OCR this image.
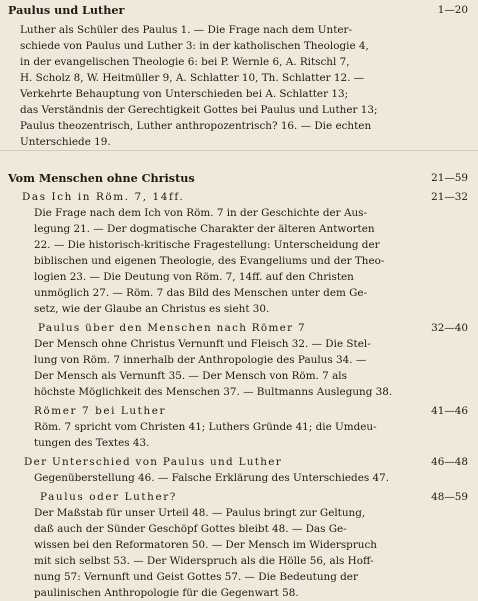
Paulus und Luther	1—20
Luther als Schüler des Paulus 1. — Die Frage nach dem Unter-
schiede von Paulus und Luther 3: in der katholischen Theologie 4,
in der evangelischen Theologie 6: bei P. Wernle 6, A. Ritschl 7,
H. Scholz 8, W. Heitmüller 9, A. Schlatter 10, Th. Schlatter 12. —
Verkehrte Behauptung von Unterschieden bei A. Schlatter 13;
das Verständnis der Gerechtigkeit Gottes bei Paulus und Luther 13;
Paulus theozentrisch, Luther anthropozentrisch? 16. — Die echten
Unterschiede 19.
Vom Menschen ohne Christus	21—59
Das Ich in Röm. 7, 14ff.	21—32
Die Frage nach dem Ich von Röm. 7 in der Geschichte der Aus-
legung 21. — Der dogmatische Charakter der älteren Antworten
22. — Die historisch-kritische Fragestellung: Unterscheidung der
biblischen und eigenen Theologie, des Evangeliums und der Theo-
logien 23. — Die Deutung von Röm. 7, 14ff. auf den Christen
unmöglich 27. — Röm. 7 das Bild des Menschen unter dem Ge-
setz, wie der Glaube an Christus es sieht 30.
Paulus über den Menschen nach Römer 7	32—40
Der Mensch ohne Christus Vernunft und Fleisch 32. — Die Stel-
lung von Röm. 7 innerhalb der Anthropologie des Paulus 34. —
Der Mensch als Vernunft 35. — Der Mensch von Röm. 7 als
höchste Möglichkeit des Menschen 37. — Bultmanns Auslegung 38.
Römer 7 bei Luther	41—46
Röm. 7 spricht vom Christen 41; Luthers Gründe 41; die Umdeu-
tungen des Textes 43.
Der Unterschied von Paulus und Luther	46—48
Gegenüberstellung 46. — Falsche Erklärung des Unterschiedes 47.
Paulus oder Luther?	48—59
Der Maßstab für unser Urteil 48. — Paulus bringt zur Geltung,
daß auch der Sünder Geschöpf Gottes bleibt 48. — Das Ge-
wissen bei den Reformatoren 50. — Der Mensch im Widerspruch
mit sich selbst 53. — Der Widerspruch als die Hölle 56, als Hoff-
nung 57: Vernunft und Geist Gottes 57. — Die Bedeutung der
paulinischen Anthropologie für die Gegenwart 58.
